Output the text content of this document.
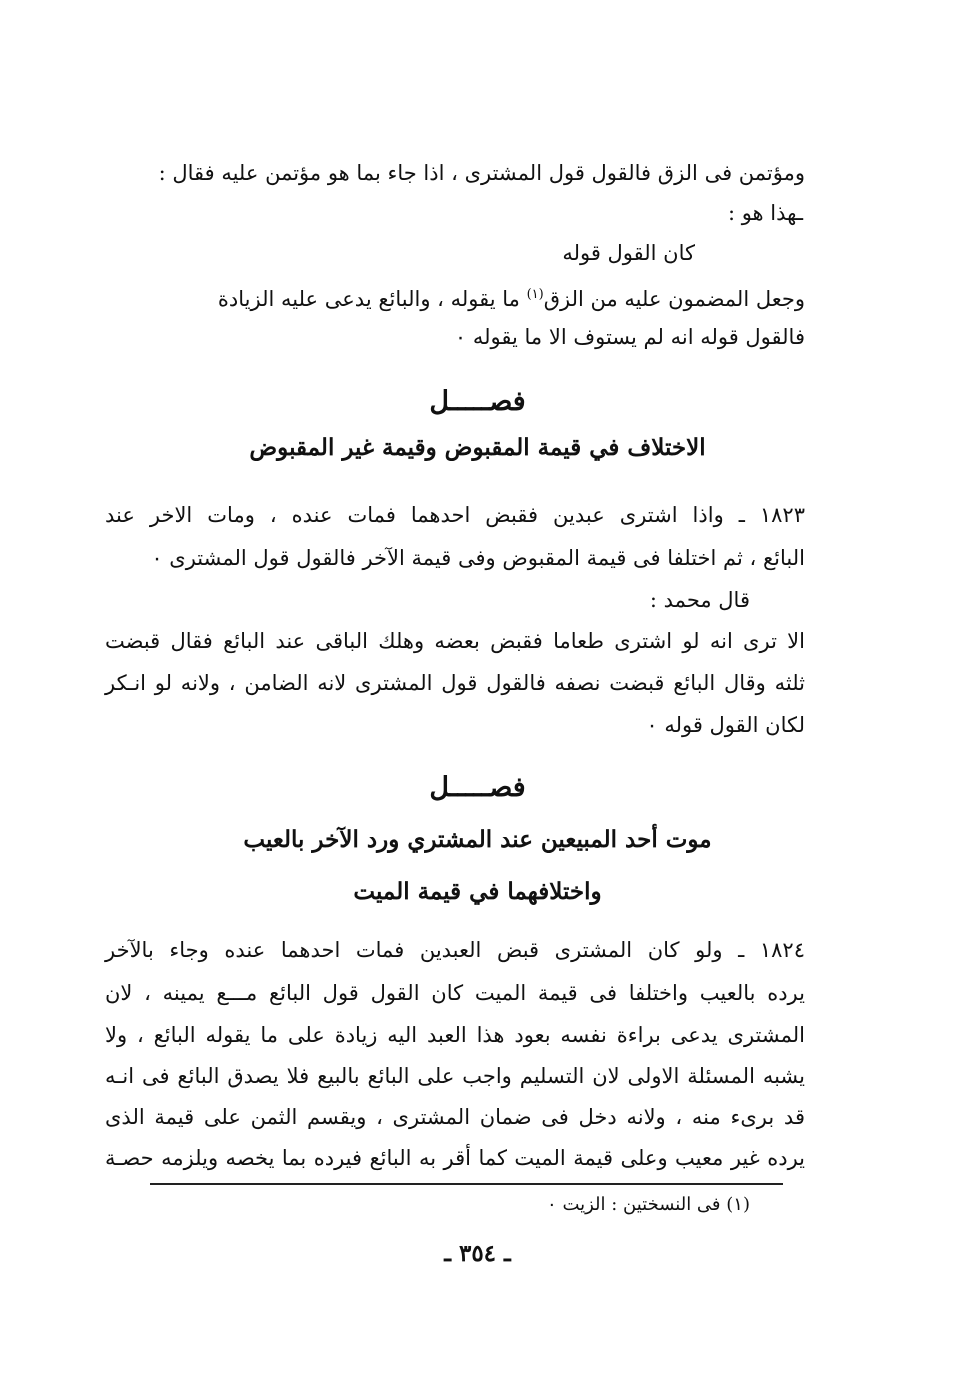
ومؤتمن فى الزق فالقول قول المشترى ، اذا جاء بما هو مؤتمن عليه فقال :
ـهذا هو :
كان القول قوله
وجعل المضمون عليه من الزق$^{(١)}$ ما يقوله ، والبائع يدعى عليه الزيادة
فالقول قوله انه لم يستوف الا ما يقوله ٠
فصـــــل
الاختلاف في قيمة المقبوض وقيمة غير المقبوض
١٨٢٣ ـ واذا اشترى عبدين فقبض احدهما فمات عنده ، ومات الاخر عند
البائع ، ثم اختلفا فى قيمة المقبوض وفى قيمة الآخر فالقول قول المشترى ٠
قال محمد :
الا ترى انه لو اشترى طعاما فقبض بعضه وهلك الباقى عند البائع فقال قبضت
ثلثه وقال البائع قبضت نصفه فالقول قول المشترى لانه الضامن ، ولانه لو انـكر
لكان القول قوله ٠
فصـــــل
موت أحد المبيعين عند المشتري ورد الآخر بالعيب
واختلافهما في قيمة الميت
١٨٢٤ ـ ولو كان المشترى قبض العبدين فمات احدهما عنده وجاء بالآخر
يرده بالعيب واختلفا فى قيمة الميت كان القول قول البائع مـــع يمينه ، لان
المشترى يدعى براءة نفسه بعود هذا العبد اليه زيادة على ما يقوله البائع ، ولا
يشبه المسئلة الاولى لان التسليم واجب على البائع بالبيع فلا يصدق البائع فى انـه
قد برىء منه ، ولانه دخل فى ضمان المشترى ، ويقسم الثمن على قيمة الذى
يرده غير معيب وعلى قيمة الميت كما أقر به البائع فيرده بما يخصه ويلزمه حصـة
(١) فى النسختين : الزيت ٠
ـ ٣٥٤ ـ
